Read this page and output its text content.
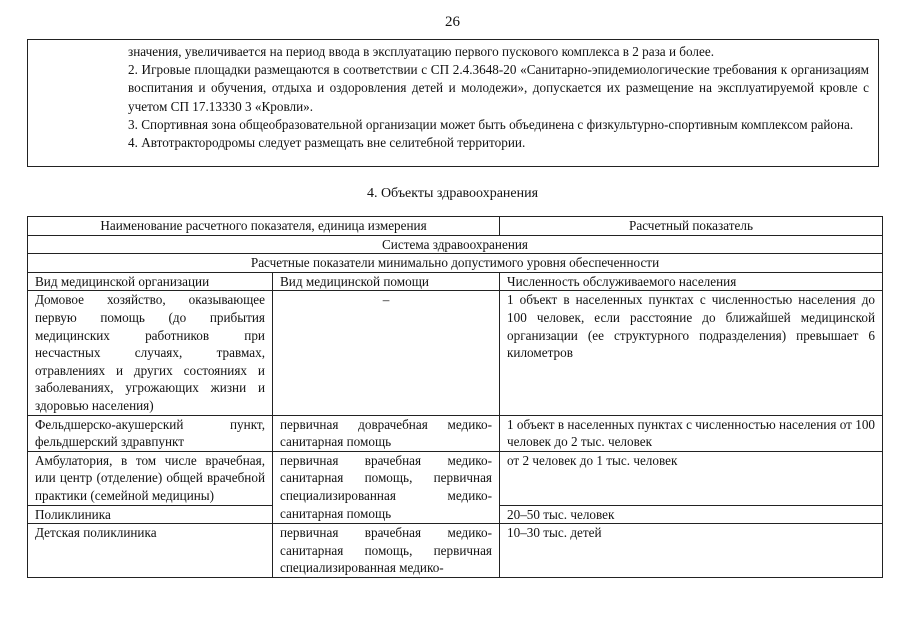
26

значения, увеличивается на период ввода в эксплуатацию первого пускового комплекса в 2 раза и более.

2. Игровые площадки размещаются в соответствии с СП 2.4.3648-20 «Санитарно-эпидемиологические требования к организациям воспитания и обучения, отдыха и оздоровления детей и молодежи», допускается их размещение на эксплуатируемой кровле с учетом СП 17.13330 3 «Кровли».

3. Спортивная зона общеобразовательной организации может быть объединена с физкультурно-спортивным комплексом района.

4. Автотрактородромы следует размещать вне селитебной территории.

4. Объекты здравоохранения
Наименование расчетного показателя, единица измерения		Расчетный показатель
Система здравоохранения		
Расчетные показатели минимально допустимого уровня обеспеченности		
Вид медицинской организации	Вид медицинской помощи	Численность обслуживаемого населения
Домовое хозяйство, оказывающее первую помощь (до прибытия медицинских работников при несчастных случаях, травмах, отравлениях и других состояниях и заболеваниях, угрожающих жизни и здоровью населения)	–	1 объект в населенных пунктах с численностью населения до 100 человек, если расстояние до ближайшей медицинской организации (ее структурного подразделения) превышает 6 километров
Фельдшерско-акушерский пункт, фельдшерский здравпункт	первичная доврачебная медико-санитарная помощь	1 объект в населенных пунктах с численностью населения от 100 человек до 2 тыс. человек
Амбулатория, в том числе врачебная, или центр (отделение) общей врачебной практики (семейной медицины)	первичная врачебная медико-санитарная помощь, первичная специализированная медико-санитарная помощь	от 2 человек до 1 тыс. человек
Поликлиника		20–50 тыс. человек
Детская поликлиника	первичная врачебная медико-санитарная помощь, первичная специализированная медико-	10–30 тыс. детей
